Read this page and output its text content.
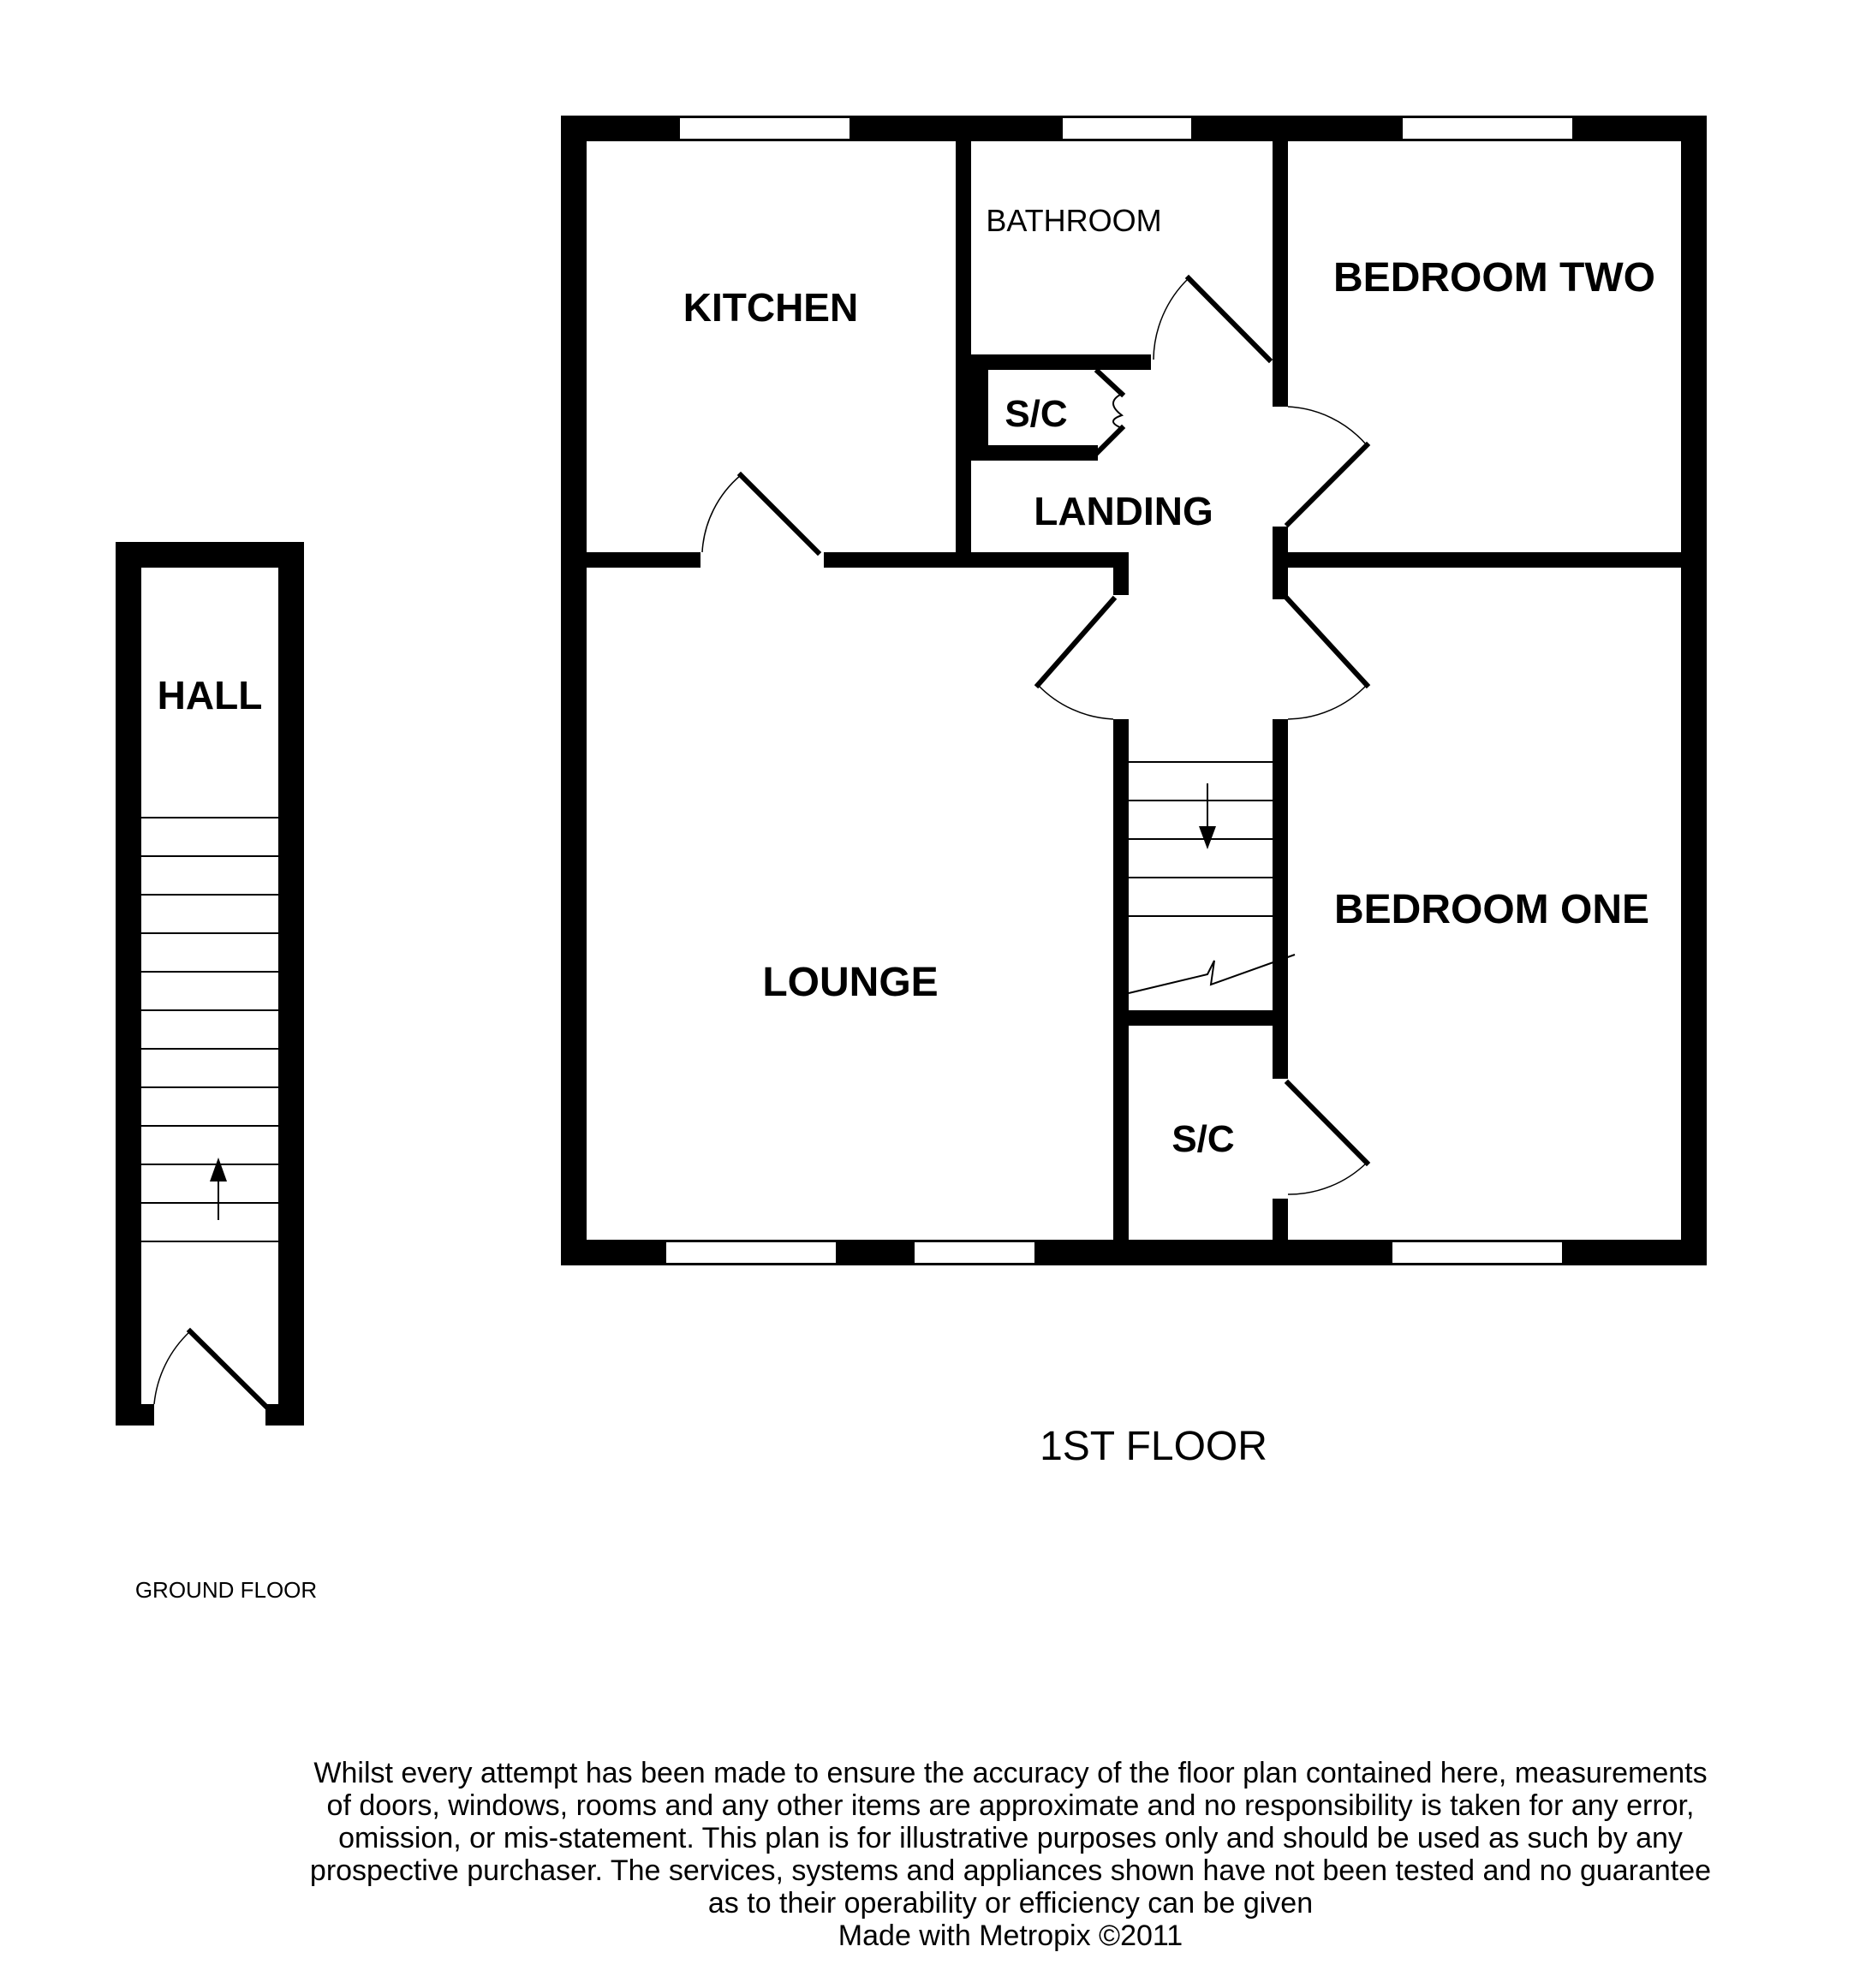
KITCHEN
BATHROOM
BEDROOM TWO
S/C
LANDING
LOUNGE
BEDROOM ONE
S/C
1ST FLOOR
HALL
GROUND FLOOR
Whilst every attempt has been made to ensure the accuracy of the floor plan contained here, measurements
of doors, windows, rooms and any other items are approximate and no responsibility is taken for any error,
omission, or mis-statement. This plan is for illustrative purposes only and should be used as such by any
prospective purchaser. The services, systems and appliances shown have not been tested and no guarantee
as to their operability or efficiency can be given
Made with Metropix ©2011
